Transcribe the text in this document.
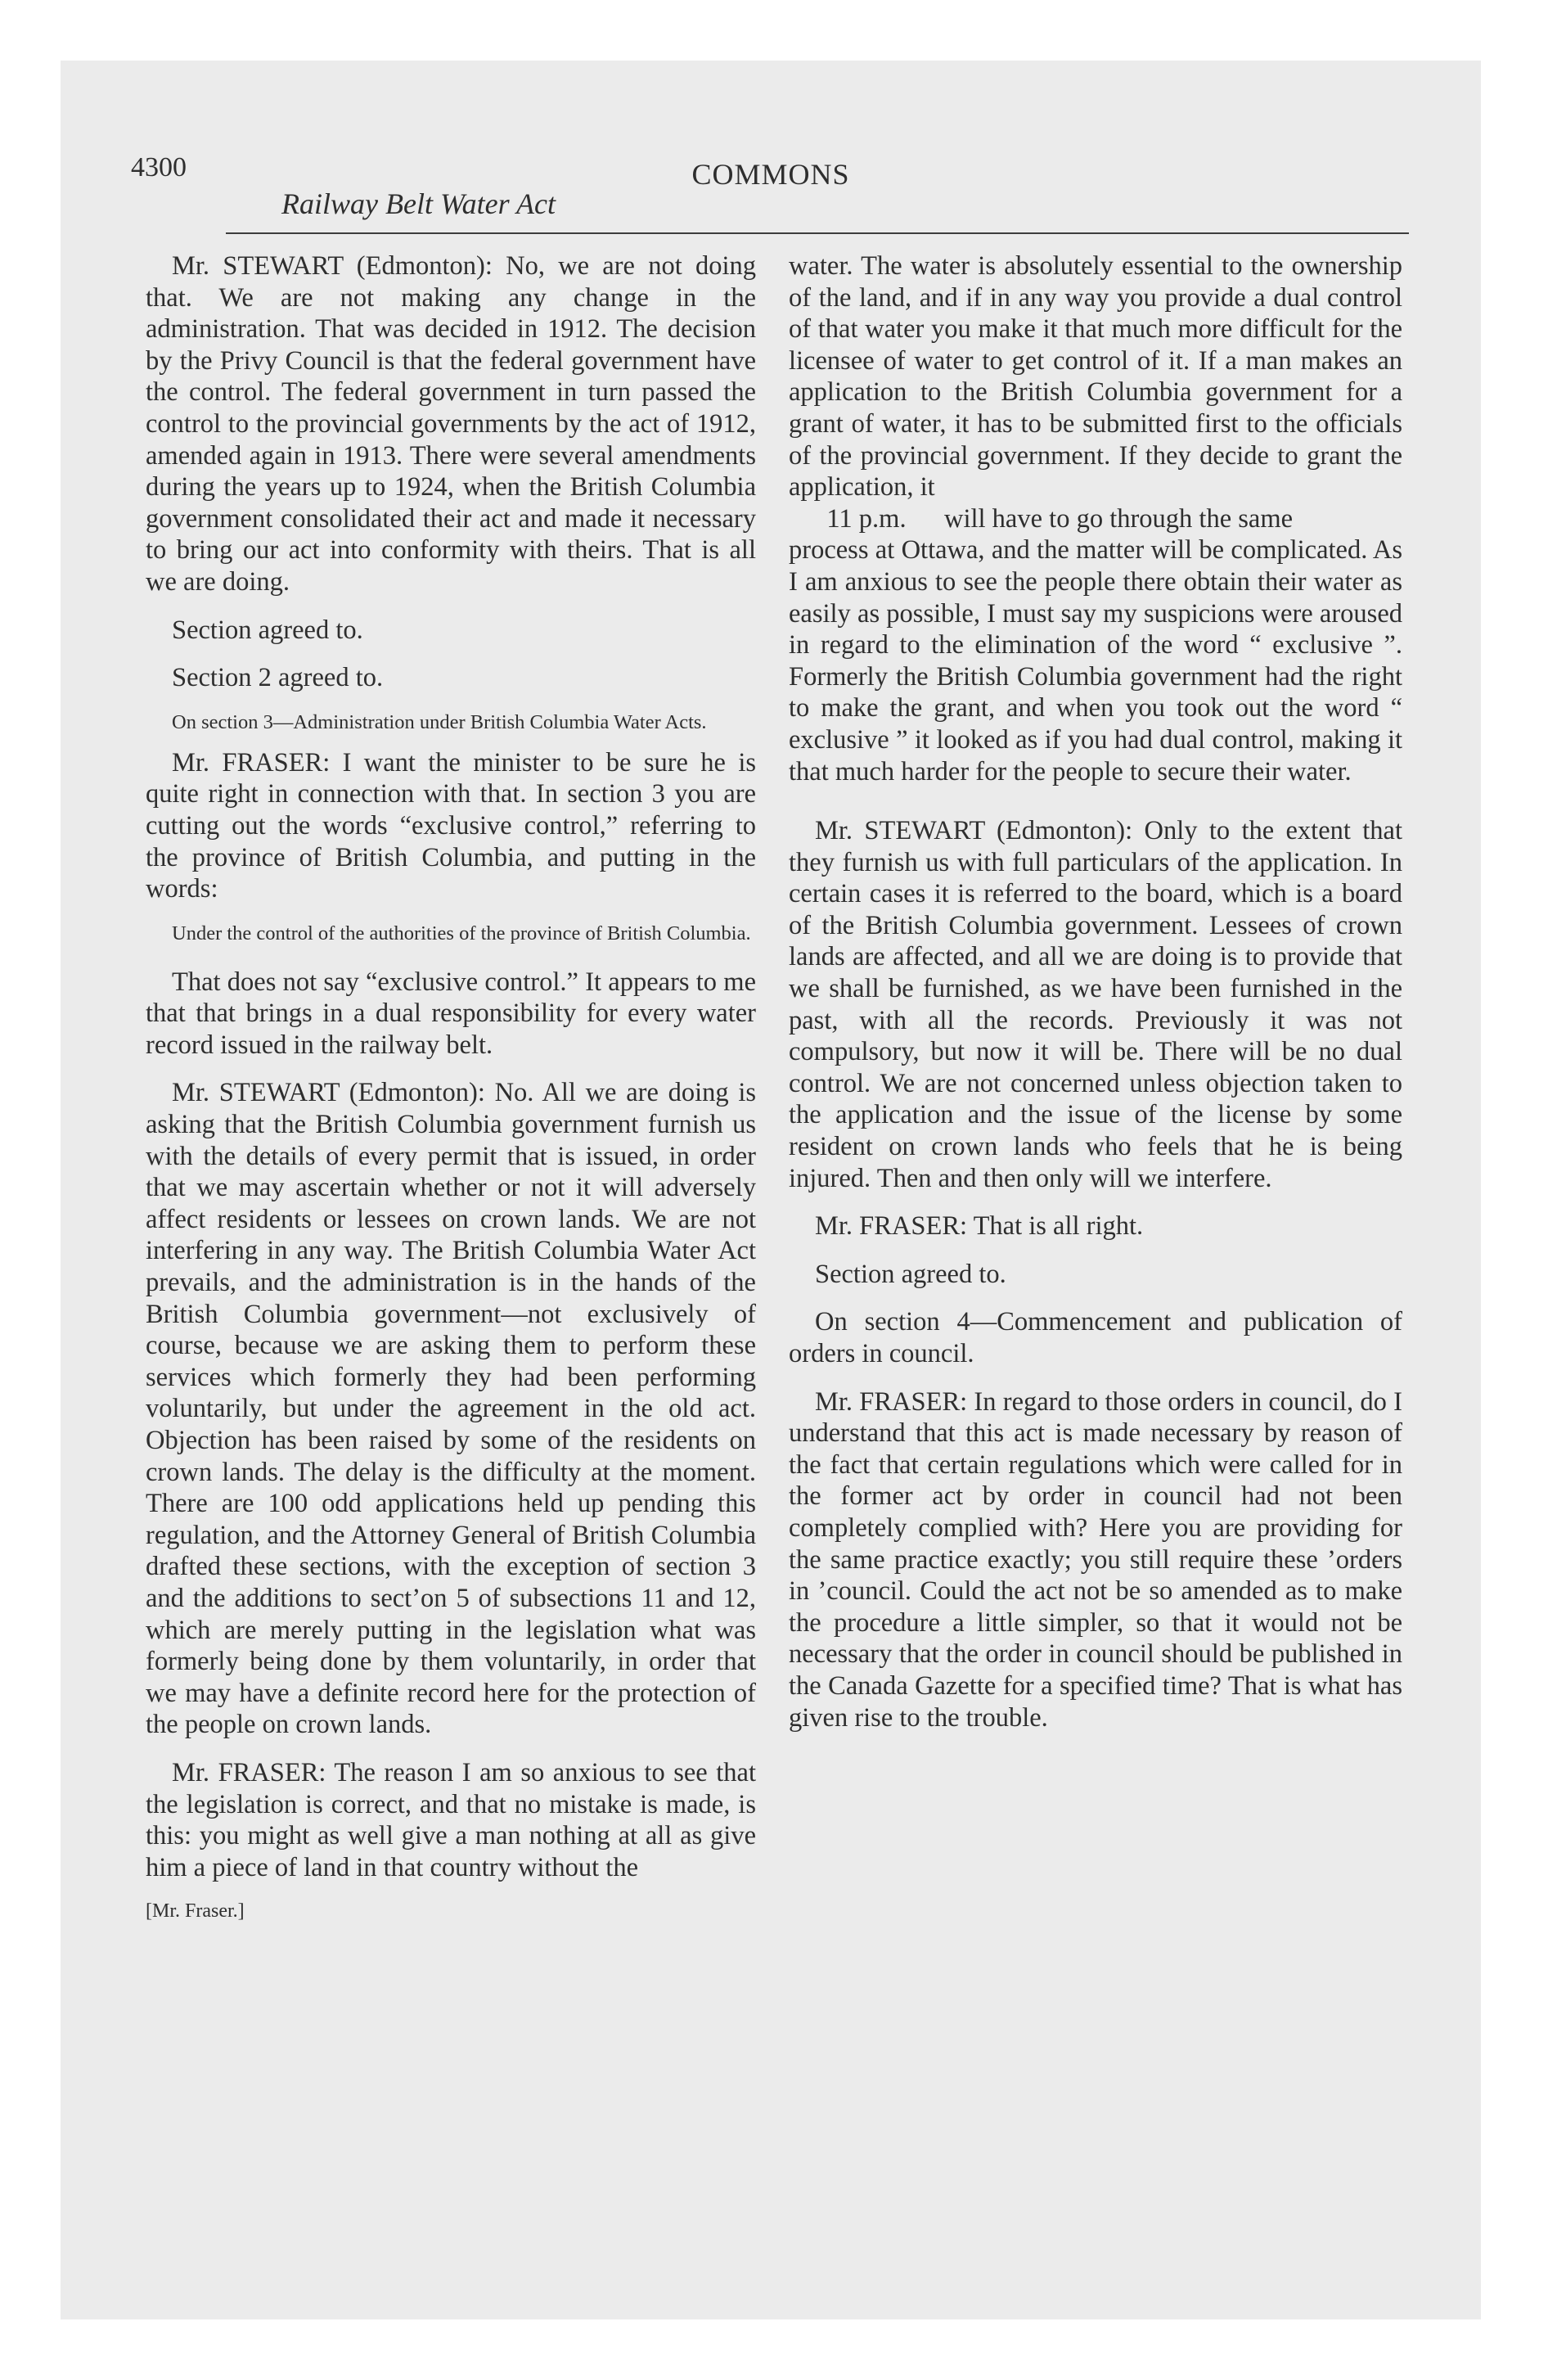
4300	COMMONS
Railway Belt Water Act

Mr. STEWART (Edmonton): No, we are not doing that. We are not making any change in the administration. That was decided in 1912. The decision by the Privy Council is that the federal government have the control. The federal government in turn passed the control to the provincial governments by the act of 1912, amended again in 1913. There were several amendments during the years up to 1924, when the British Columbia government consolidated their act and made it necessary to bring our act into conformity with theirs. That is all we are doing.

Section agreed to.

Section 2 agreed to.

On section 3—Administration under British Columbia Water Acts.

Mr. FRASER: I want the minister to be sure he is quite right in connection with that. In section 3 you are cutting out the words “exclusive control,” referring to the province of British Columbia, and putting in the words:

Under the control of the authorities of the province of British Columbia.

That does not say “exclusive control.” It appears to me that that brings in a dual responsibility for every water record issued in the railway belt.

Mr. STEWART (Edmonton): No. All we are doing is asking that the British Columbia government furnish us with the details of every permit that is issued, in order that we may ascertain whether or not it will adversely affect residents or lessees on crown lands. We are not interfering in any way. The British Columbia Water Act prevails, and the administration is in the hands of the British Columbia government—not exclusively of course, because we are asking them to perform these services which formerly they had been performing voluntarily, but under the agreement in the old act. Objection has been raised by some of the residents on crown lands. The delay is the difficulty at the moment. There are 100 odd applications held up pending this regulation, and the Attorney General of British Columbia drafted these sections, with the exception of section 3 and the additions to sect’on 5 of subsections 11 and 12, which are merely putting in the legislation what was formerly being done by them voluntarily, in order that we may have a definite record here for the protection of the people on crown lands.

Mr. FRASER: The reason I am so anxious to see that the legislation is correct, and that no mistake is made, is this: you might as well give a man nothing at all as give him a piece of land in that country without the

[Mr. Fraser.]

water. The water is absolutely essential to the ownership of the land, and if in any way you provide a dual control of that water you make it that much more difficult for the licensee of water to get control of it. If a man makes an application to the British Columbia government for a grant of water, it has to be submitted first to the officials of the provincial government. If they decide to grant the application, it

11 p.m.	will have to go through the same

process at Ottawa, and the matter will be complicated. As I am anxious to see the people there obtain their water as easily as possible, I must say my suspicions were aroused in regard to the elimination of the word “ exclusive ”. Formerly the British Columbia government had the right to make the grant, and when you took out the word “ exclusive ” it looked as if you had dual control, making it that much harder for the people to secure their water.

Mr. STEWART (Edmonton): Only to the extent that they furnish us with full particulars of the application. In certain cases it is referred to the board, which is a board of the British Columbia government. Lessees of crown lands are affected, and all we are doing is to provide that we shall be furnished, as we have been furnished in the past, with all the records. Previously it was not compulsory, but now it will be. There will be no dual control. We are not concerned unless objection taken to the application and the issue of the license by some resident on crown lands who feels that he is being injured. Then and then only will we interfere.

Mr. FRASER: That is all right.

Section agreed to.

On section 4—Commencement and publication of orders in council.

Mr. FRASER: In regard to those orders in council, do I understand that this act is made necessary by reason of the fact that certain regulations which were called for in the former act by order in council had not been completely complied with? Here you are providing for the same practice exactly; you still require these ’orders in ’council. Could the act not be so amended as to make the procedure a little simpler, so that it would not be necessary that the order in council should be published in the Canada Gazette for a specified time? That is what has given rise to the trouble.
